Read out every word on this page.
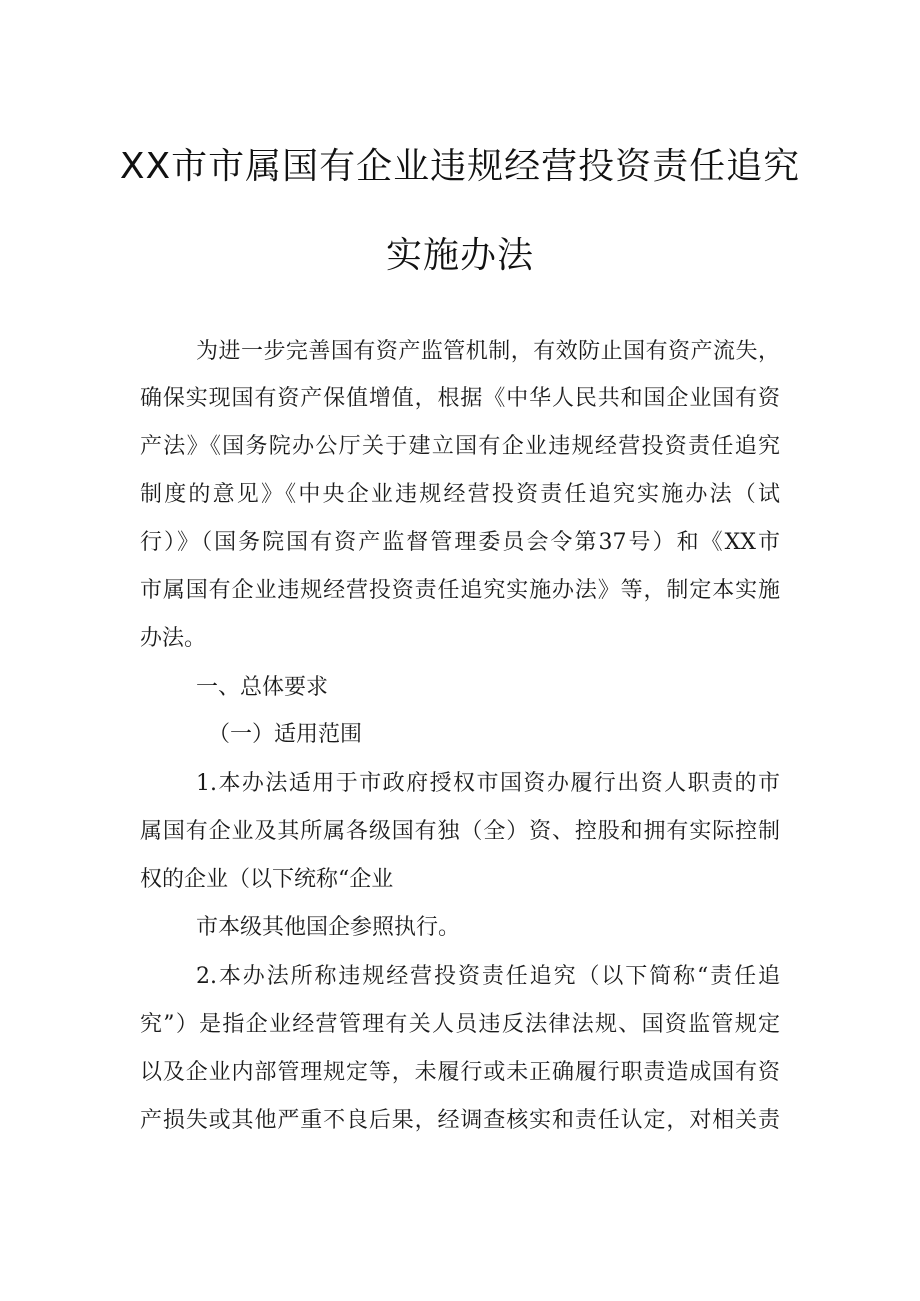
XX市市属国有企业违规经营投资责任追究
实施办法
为进一步完善国有资产监管机制，有效防止国有资产流失，
确保实现国有资产保值增值，根据《中华人民共和国企业国有资
产法》《国务院办公厅关于建立国有企业违规经营投资责任追究
制度的意见》《中央企业违规经营投资责任追究实施办法（试
行）》（国务院国有资产监督管理委员会令第37号）和《XX市
市属国有企业违规经营投资责任追究实施办法》等，制定本实施
办法。
一、总体要求
（一）适用范围
1.本办法适用于市政府授权市国资办履行出资人职责的市
属国有企业及其所属各级国有独（全）资、控股和拥有实际控制
权的企业（以下统称“企业
市本级其他国企参照执行。
2.本办法所称违规经营投资责任追究（以下简称“责任追
究”）是指企业经营管理有关人员违反法律法规、国资监管规定
以及企业内部管理规定等，未履行或未正确履行职责造成国有资
产损失或其他严重不良后果，经调查核实和责任认定，对相关责
